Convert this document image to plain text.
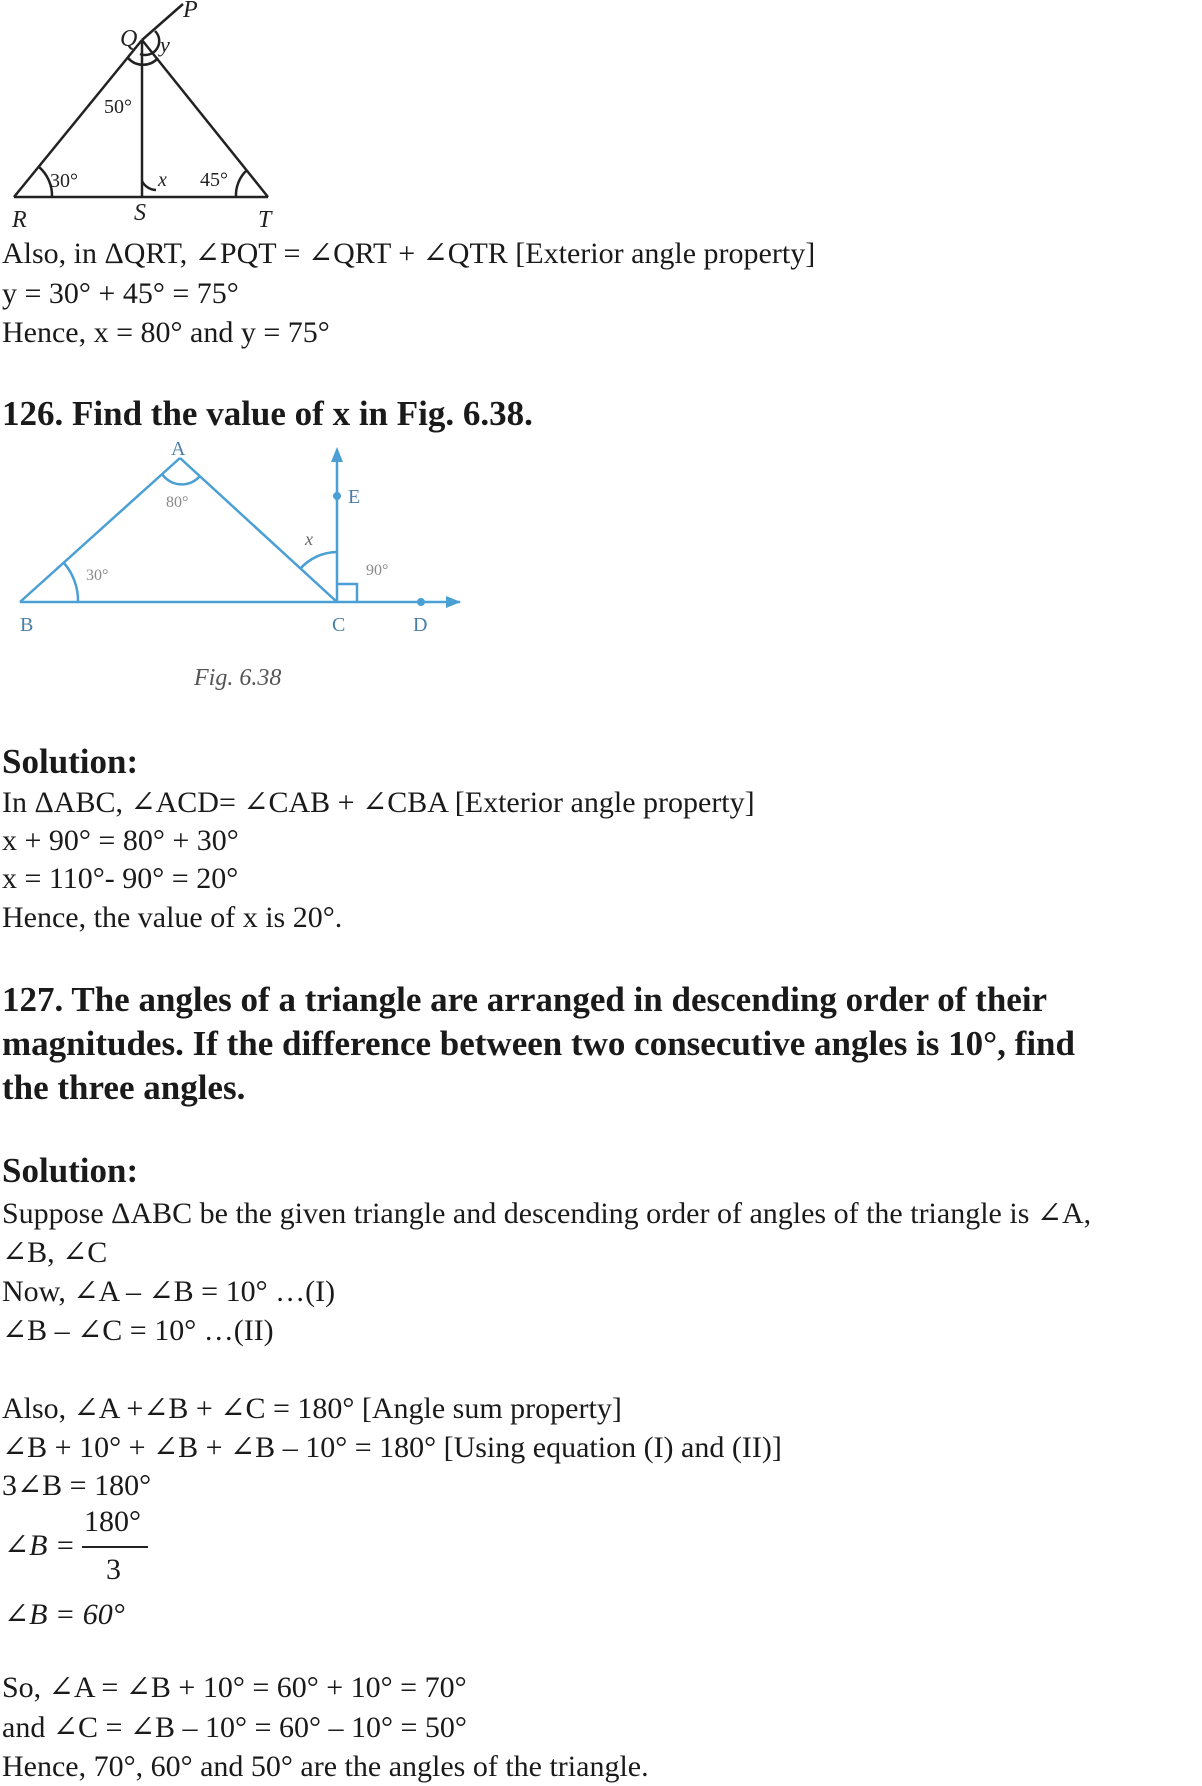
P
Q y
50°
30°	x 45°
R	S	T
Also, in ΔQRT, ∠PQT = ∠QRT + ∠QTR [Exterior angle property]
y = 30° + 45° = 75°
Hence, x = 80° and y = 75°
126. Find the value of x in Fig. 6.38.
A
80°	E
x
90°
30°
B	C	D
Fig. 6.38
Solution:
In ΔABC, ∠ACD= ∠CAB + ∠CBA [Exterior angle property]
x + 90° = 80° + 30°
x = 110°- 90° = 20°
Hence, the value of x is 20°.
127. The angles of a triangle are arranged in descending order of their
magnitudes. If the difference between two consecutive angles is 10°, find
the three angles.
Solution:
Suppose ΔABC be the given triangle and descending order of angles of the triangle is ∠A,
∠B, ∠C
Now, ∠A – ∠B = 10° …(I)
∠B – ∠C = 10° …(II)
Also, ∠A +∠B + ∠C = 180° [Angle sum property]
∠B + 10° + ∠B + ∠B – 10° = 180° [Using equation (I) and (II)]
3∠B = 180°
∠B =
180°
3
∠B = 60°
So, ∠A = ∠B + 10° = 60° + 10° = 70°
and ∠C = ∠B – 10° = 60° – 10° = 50°
Hence, 70°, 60° and 50° are the angles of the triangle.
